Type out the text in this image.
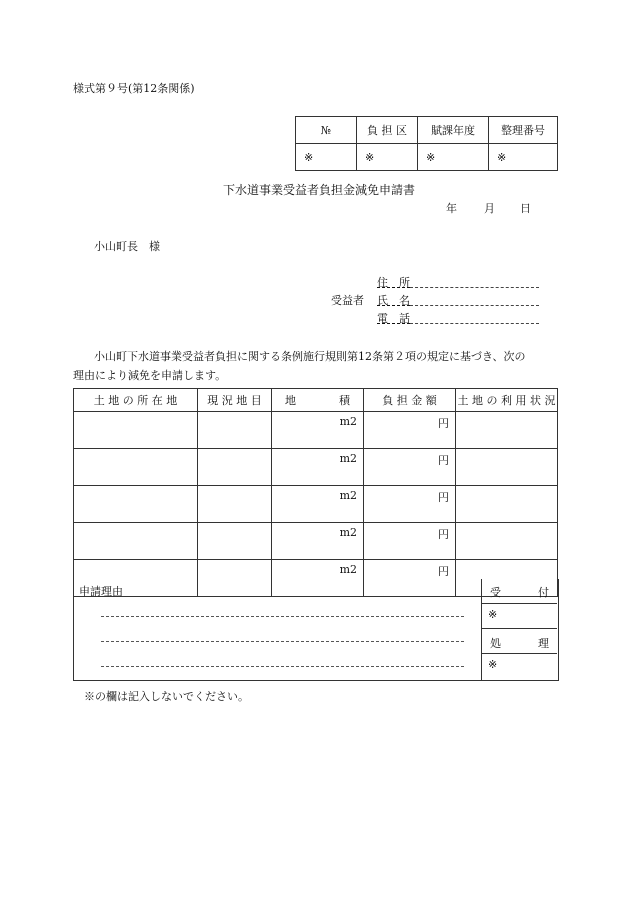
様式第９号(第12条関係)
№	負 担 区	賦課年度	整理番号
※	※	※	※
下水道事業受益者負担金減免申請書
年 月 日
小山町長　様
受益者
住　所
氏　名
電　話
小山町下水道事業受益者負担に関する条例施行規則第12条第２項の規定に基づき、次の
理由により減免を申請します。
土 地 の 所 在 地	現 況 地 目	地 積	負 担 金 額	土 地 の 利 用 状 況
		m2	円	
		m2	円	
		m2	円	
		m2	円	
		m2	円	
申請理由	受	付
※
処	理
※
※の欄は記入しないでください。
